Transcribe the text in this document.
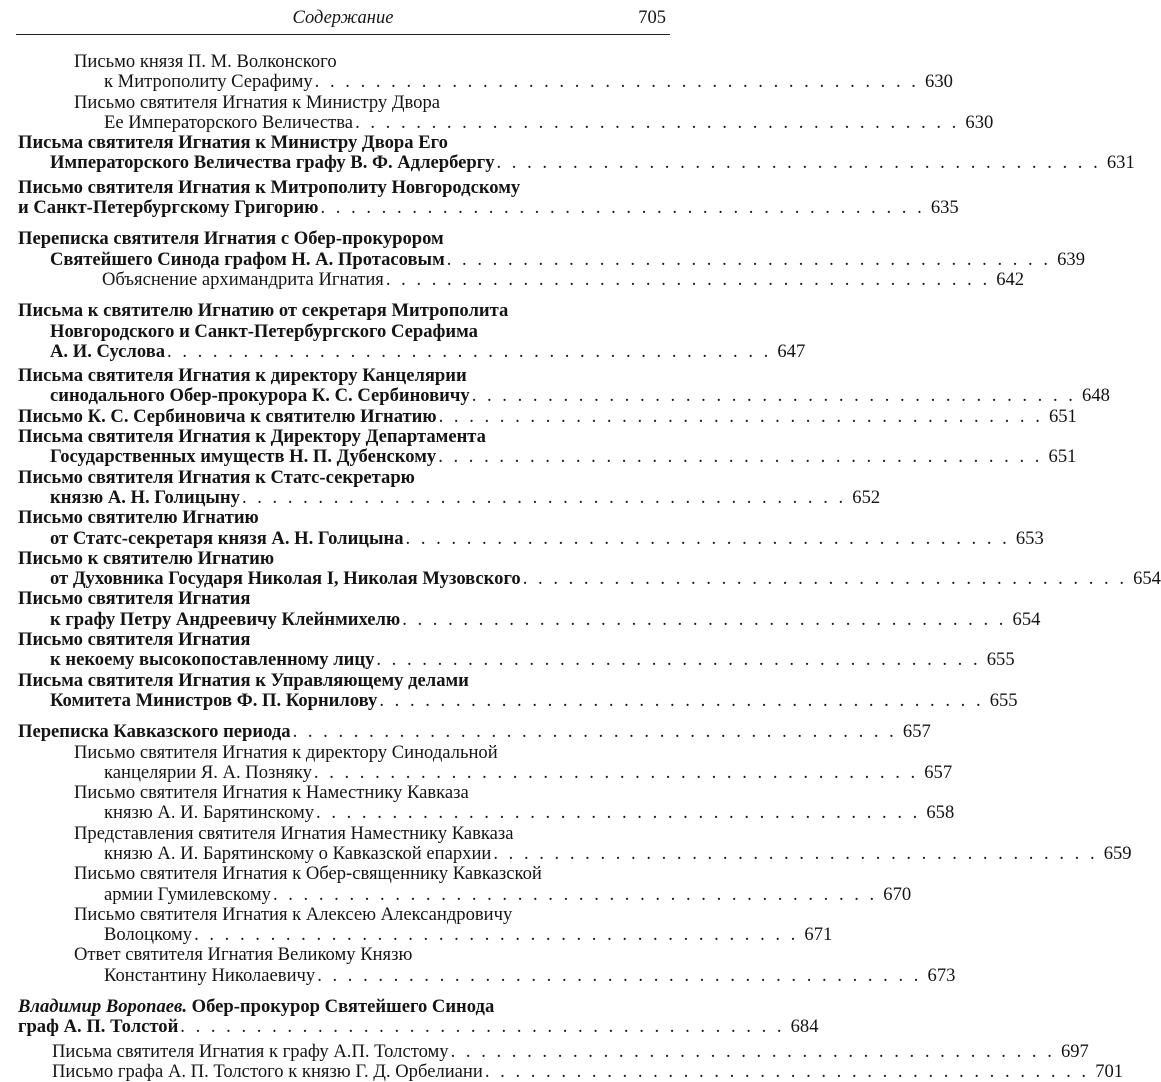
Содержание	705
Письмо князя П. М. Волконского
к Митрополиту Серафиму . . . . . . . . . . . . . . . . . . . . . . . . . . . . . . . . . . . . . . . . 630
Письмо святителя Игнатия к Министру Двора
Ее Императорского Величества . . . . . . . . . . . . . . . . . . . . . . . . . . . . . . . . . . . . . . . . 630
Письма святителя Игнатия к Министру Двора Его
Императорского Величества графу В. Ф. Адлербергу . . . . . . . . . . . . . . . . . . . . . . . . . . . . . . . . . . . . . . . . 631
Письмо святителя Игнатия к Митрополиту Новгородскому
и Санкт-Петербургскому Григорию . . . . . . . . . . . . . . . . . . . . . . . . . . . . . . . . . . . . . . . . 635
Переписка святителя Игнатия с Обер-прокурором
Святейшего Синода графом Н. А. Протасовым . . . . . . . . . . . . . . . . . . . . . . . . . . . . . . . . . . . . . . . . 639
Объяснение архимандрита Игнатия . . . . . . . . . . . . . . . . . . . . . . . . . . . . . . . . . . . . . . . . 642
Письма к святителю Игнатию от секретаря Митрополита
Новгородского и Санкт-Петербургского Серафима
А. И. Суслова . . . . . . . . . . . . . . . . . . . . . . . . . . . . . . . . . . . . . . . . 647
Письма святителя Игнатия к директору Канцелярии
синодального Обер-прокурора К. С. Сербиновичу . . . . . . . . . . . . . . . . . . . . . . . . . . . . . . . . . . . . . . . . 648
Письмо К. С. Сербиновича к святителю Игнатию . . . . . . . . . . . . . . . . . . . . . . . . . . . . . . . . . . . . . . . . 651
Письма святителя Игнатия к Директору Департамента
Государственных имуществ Н. П. Дубенскому . . . . . . . . . . . . . . . . . . . . . . . . . . . . . . . . . . . . . . . . 651
Письмо святителя Игнатия к Статс-секретарю
князю А. Н. Голицыну . . . . . . . . . . . . . . . . . . . . . . . . . . . . . . . . . . . . . . . . 652
Письмо святителю Игнатию
от Статс-секретаря князя А. Н. Голицына . . . . . . . . . . . . . . . . . . . . . . . . . . . . . . . . . . . . . . . . 653
Письмо к святителю Игнатию
от Духовника Государя Николая I, Николая Музовского . . . . . . . . . . . . . . . . . . . . . . . . . . . . . . . . . . . . . . . . 654
Письмо святителя Игнатия
к графу Петру Андреевичу Клейнмихелю . . . . . . . . . . . . . . . . . . . . . . . . . . . . . . . . . . . . . . . . 654
Письмо святителя Игнатия
к некоему высокопоставленному лицу . . . . . . . . . . . . . . . . . . . . . . . . . . . . . . . . . . . . . . . . 655
Письма святителя Игнатия к Управляющему делами
Комитета Министров Ф. П. Корнилову . . . . . . . . . . . . . . . . . . . . . . . . . . . . . . . . . . . . . . . . 655
Переписка Кавказского периода . . . . . . . . . . . . . . . . . . . . . . . . . . . . . . . . . . . . . . . . 657
Письмо святителя Игнатия к директору Синодальной
канцелярии Я. А. Позняку . . . . . . . . . . . . . . . . . . . . . . . . . . . . . . . . . . . . . . . . 657
Письмо святителя Игнатия к Наместнику Кавказа
князю А. И. Барятинскому . . . . . . . . . . . . . . . . . . . . . . . . . . . . . . . . . . . . . . . . 658
Представления святителя Игнатия Наместнику Кавказа
князю А. И. Барятинскому о Кавказской епархии . . . . . . . . . . . . . . . . . . . . . . . . . . . . . . . . . . . . . . . . 659
Письмо святителя Игнатия к Обер-священнику Кавказской
армии Гумилевскому . . . . . . . . . . . . . . . . . . . . . . . . . . . . . . . . . . . . . . . . 670
Письмо святителя Игнатия к Алексею Александровичу
Волоцкому . . . . . . . . . . . . . . . . . . . . . . . . . . . . . . . . . . . . . . . . 671
Ответ святителя Игнатия Великому Князю
Константину Николаевичу . . . . . . . . . . . . . . . . . . . . . . . . . . . . . . . . . . . . . . . . 673
Владимир Воропаев. Обер-прокурор Святейшего Синода
граф А. П. Толстой . . . . . . . . . . . . . . . . . . . . . . . . . . . . . . . . . . . . . . . . 684
Письма святителя Игнатия к графу А.П. Толстому . . . . . . . . . . . . . . . . . . . . . . . . . . . . . . . . . . . . . . . . 697
Письмо графа А. П. Толстого к князю Г. Д. Орбелиани . . . . . . . . . . . . . . . . . . . . . . . . . . . . . . . . . . . . . . . . 701
